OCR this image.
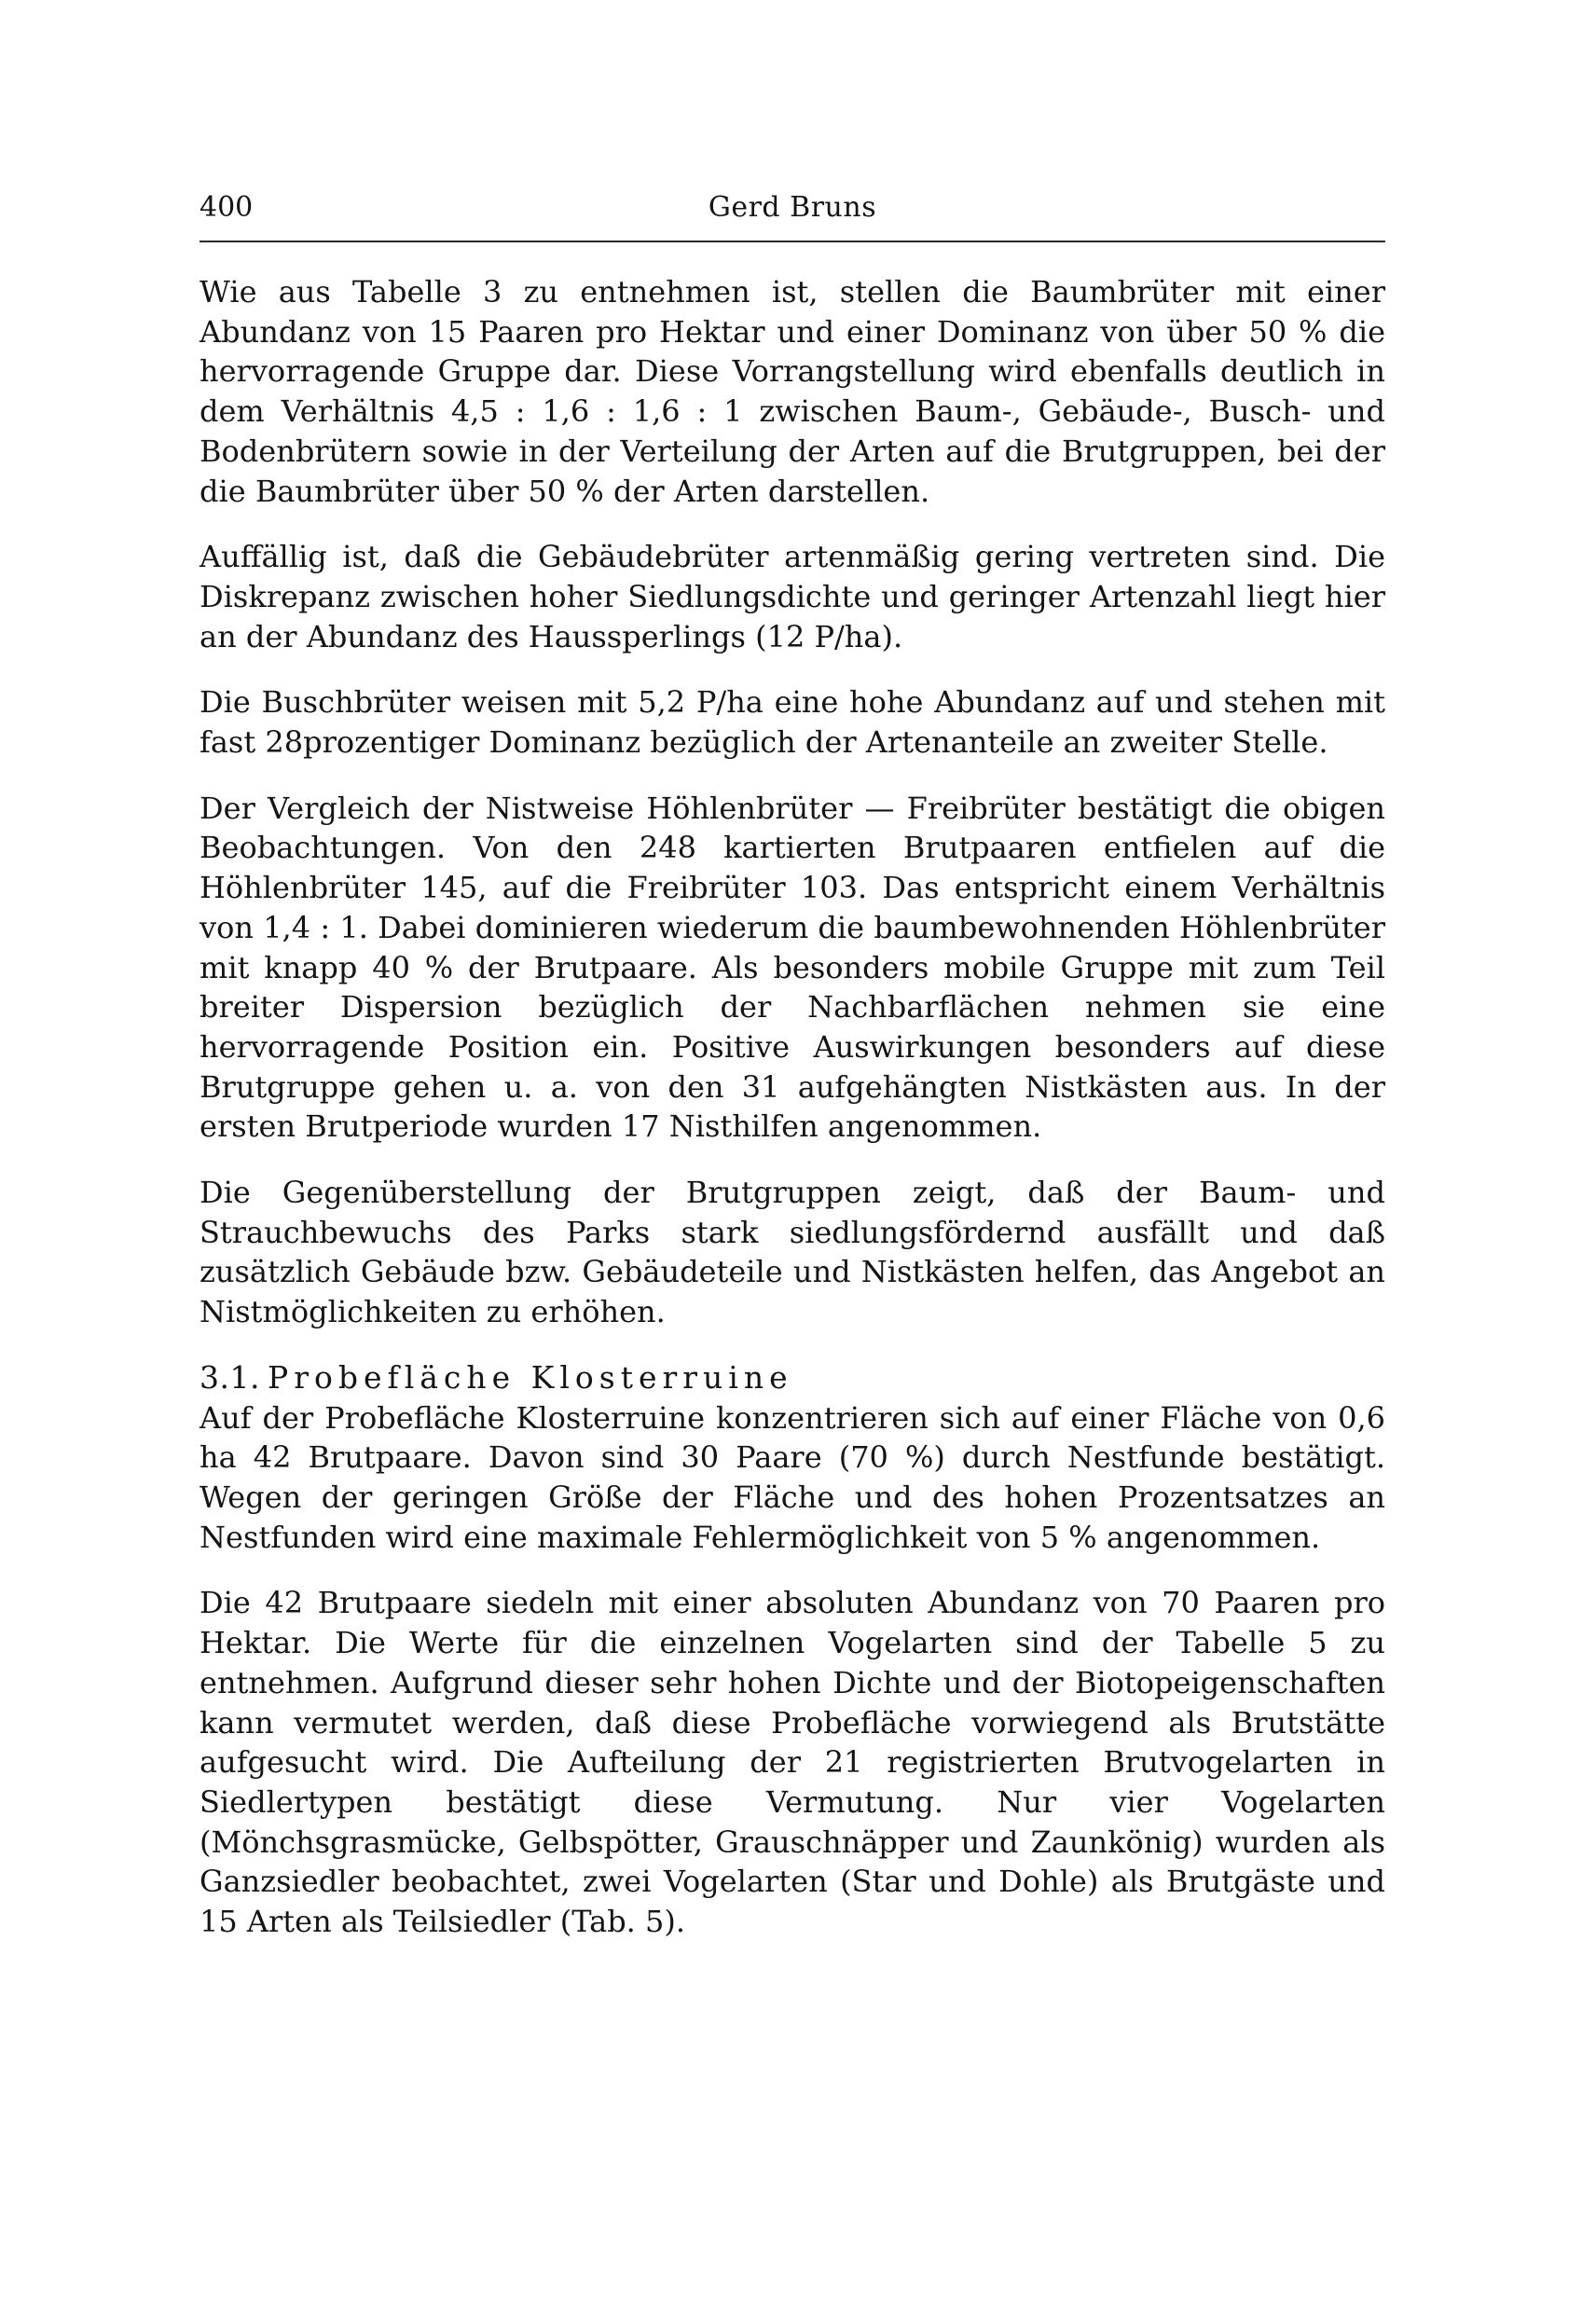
400	Gerd Bruns

Wie aus Tabelle 3 zu entnehmen ist, stellen die Baumbrüter mit einer Abundanz von 15 Paaren pro Hektar und einer Dominanz von über 50 % die hervorragende Gruppe dar. Diese Vorrangstellung wird ebenfalls deutlich in dem Verhältnis 4,5 : 1,6 : 1,6 : 1 zwischen Baum-, Gebäude-, Busch- und Bodenbrütern sowie in der Verteilung der Arten auf die Brutgruppen, bei der die Baumbrüter über 50 % der Arten darstellen.

Auffällig ist, daß die Gebäudebrüter artenmäßig gering vertreten sind. Die Diskrepanz zwischen hoher Siedlungsdichte und geringer Artenzahl liegt hier an der Abundanz des Haussperlings (12 P/ha).

Die Buschbrüter weisen mit 5,2 P/ha eine hohe Abundanz auf und stehen mit fast 28prozentiger Dominanz bezüglich der Artenanteile an zweiter Stelle.

Der Vergleich der Nistweise Höhlenbrüter — Freibrüter bestätigt die obigen Beobachtungen. Von den 248 kartierten Brutpaaren entfielen auf die Höhlenbrüter 145, auf die Freibrüter 103. Das entspricht einem Verhältnis von 1,4 : 1. Dabei dominieren wiederum die baumbewohnenden Höhlenbrüter mit knapp 40 % der Brutpaare. Als besonders mobile Gruppe mit zum Teil breiter Dispersion bezüglich der Nachbarflächen nehmen sie eine hervorragende Position ein. Positive Auswirkungen besonders auf diese Brutgruppe gehen u. a. von den 31 aufgehängten Nistkästen aus. In der ersten Brutperiode wurden 17 Nisthilfen angenommen.

Die Gegenüberstellung der Brutgruppen zeigt, daß der Baum- und Strauchbewuchs des Parks stark siedlungsfördernd ausfällt und daß zusätzlich Gebäude bzw. Gebäudeteile und Nistkästen helfen, das Angebot an Nistmöglichkeiten zu erhöhen.

3.1. Probefläche Klosterruine

Auf der Probefläche Klosterruine konzentrieren sich auf einer Fläche von 0,6 ha 42 Brutpaare. Davon sind 30 Paare (70 %) durch Nestfunde bestätigt. Wegen der geringen Größe der Fläche und des hohen Prozentsatzes an Nestfunden wird eine maximale Fehlermöglichkeit von 5 % angenommen.

Die 42 Brutpaare siedeln mit einer absoluten Abundanz von 70 Paaren pro Hektar. Die Werte für die einzelnen Vogelarten sind der Tabelle 5 zu entnehmen. Aufgrund dieser sehr hohen Dichte und der Biotopeigenschaften kann vermutet werden, daß diese Probefläche vorwiegend als Brutstätte aufgesucht wird. Die Aufteilung der 21 registrierten Brutvogelarten in Siedlertypen bestätigt diese Vermutung. Nur vier Vogelarten (Mönchsgrasmücke, Gelbspötter, Grauschnäpper und Zaunkönig) wurden als Ganzsiedler beobachtet, zwei Vogelarten (Star und Dohle) als Brutgäste und 15 Arten als Teilsiedler (Tab. 5).
